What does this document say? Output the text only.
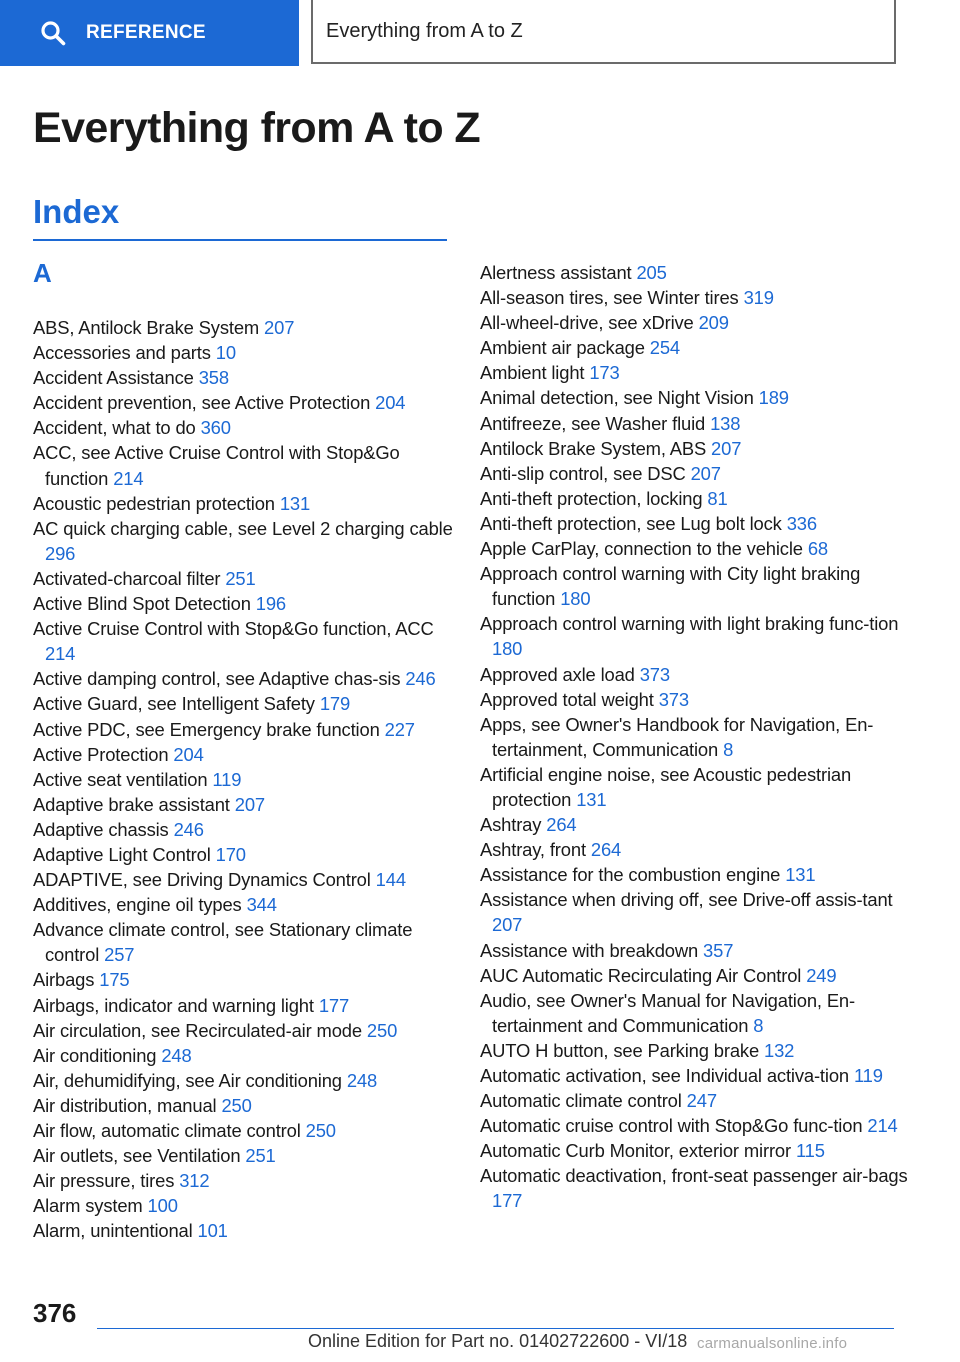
REFERENCE	Everything from A to Z
Everything from A to Z
Index
A
ABS, Antilock Brake System 207
Accessories and parts 10
Accident Assistance 358
Accident prevention, see Active Protection 204
Accident, what to do 360
ACC, see Active Cruise Control with Stop&Go function 214
Acoustic pedestrian protection 131
AC quick charging cable, see Level 2 charging cable 296
Activated-charcoal filter 251
Active Blind Spot Detection 196
Active Cruise Control with Stop&Go function, ACC 214
Active damping control, see Adaptive chas‐sis 246
Active Guard, see Intelligent Safety 179
Active PDC, see Emergency brake function 227
Active Protection 204
Active seat ventilation 119
Adaptive brake assistant 207
Adaptive chassis 246
Adaptive Light Control 170
ADAPTIVE, see Driving Dynamics Control 144
Additives, engine oil types 344
Advance climate control, see Stationary climate control 257
Airbags 175
Airbags, indicator and warning light 177
Air circulation, see Recirculated-air mode 250
Air conditioning 248
Air, dehumidifying, see Air conditioning 248
Air distribution, manual 250
Air flow, automatic climate control 250
Air outlets, see Ventilation 251
Air pressure, tires 312
Alarm system 100
Alarm, unintentional 101
Alertness assistant 205
All-season tires, see Winter tires 319
All-wheel-drive, see xDrive 209
Ambient air package 254
Ambient light 173
Animal detection, see Night Vision 189
Antifreeze, see Washer fluid 138
Antilock Brake System, ABS 207
Anti-slip control, see DSC 207
Anti-theft protection, locking 81
Anti-theft protection, see Lug bolt lock 336
Apple CarPlay, connection to the vehicle 68
Approach control warning with City light braking function 180
Approach control warning with light braking func‐tion 180
Approved axle load 373
Approved total weight 373
Apps, see Owner's Handbook for Navigation, En‐tertainment, Communication 8
Artificial engine noise, see Acoustic pedestrian protection 131
Ashtray 264
Ashtray, front 264
Assistance for the combustion engine 131
Assistance when driving off, see Drive-off assis‐tant 207
Assistance with breakdown 357
AUC Automatic Recirculating Air Control 249
Audio, see Owner's Manual for Navigation, En‐tertainment and Communication 8
AUTO H button, see Parking brake 132
Automatic activation, see Individual activa‐tion 119
Automatic climate control 247
Automatic cruise control with Stop&Go func‐tion 214
Automatic Curb Monitor, exterior mirror 115
Automatic deactivation, front-seat passenger air‐bags 177
376
Online Edition for Part no. 01402722600 - VI/18 carmanualsonline.info
